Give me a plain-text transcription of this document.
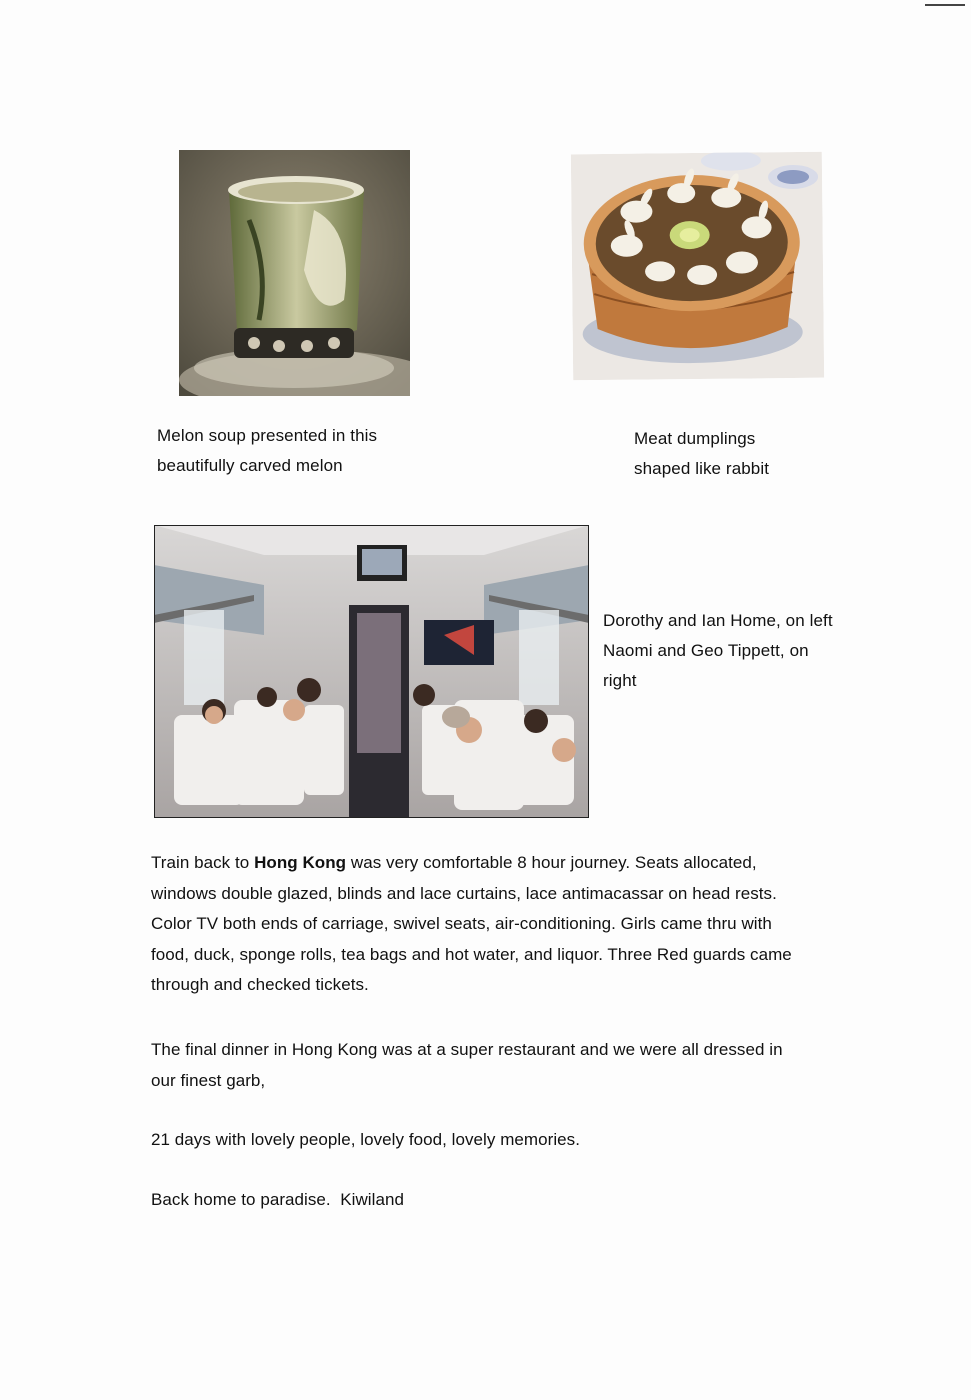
Melon soup presented in this
beautifully carved melon
Meat dumplings
shaped like rabbit
Dorothy and Ian Home, on left
Naomi and Geo Tippett, on
right
Train back to Hong Kong was very comfortable 8 hour journey. Seats allocated,
windows double glazed, blinds and lace curtains, lace antimacassar on head rests.
Color TV both ends of carriage, swivel seats, air-conditioning. Girls came thru with
food, duck, sponge rolls, tea bags and hot water, and liquor. Three Red guards came
through and checked tickets.
The final dinner in Hong Kong was at a super restaurant and we were all dressed in
our finest garb,
21 days with lovely people, lovely food, lovely memories.
Back home to paradise.  Kiwiland
